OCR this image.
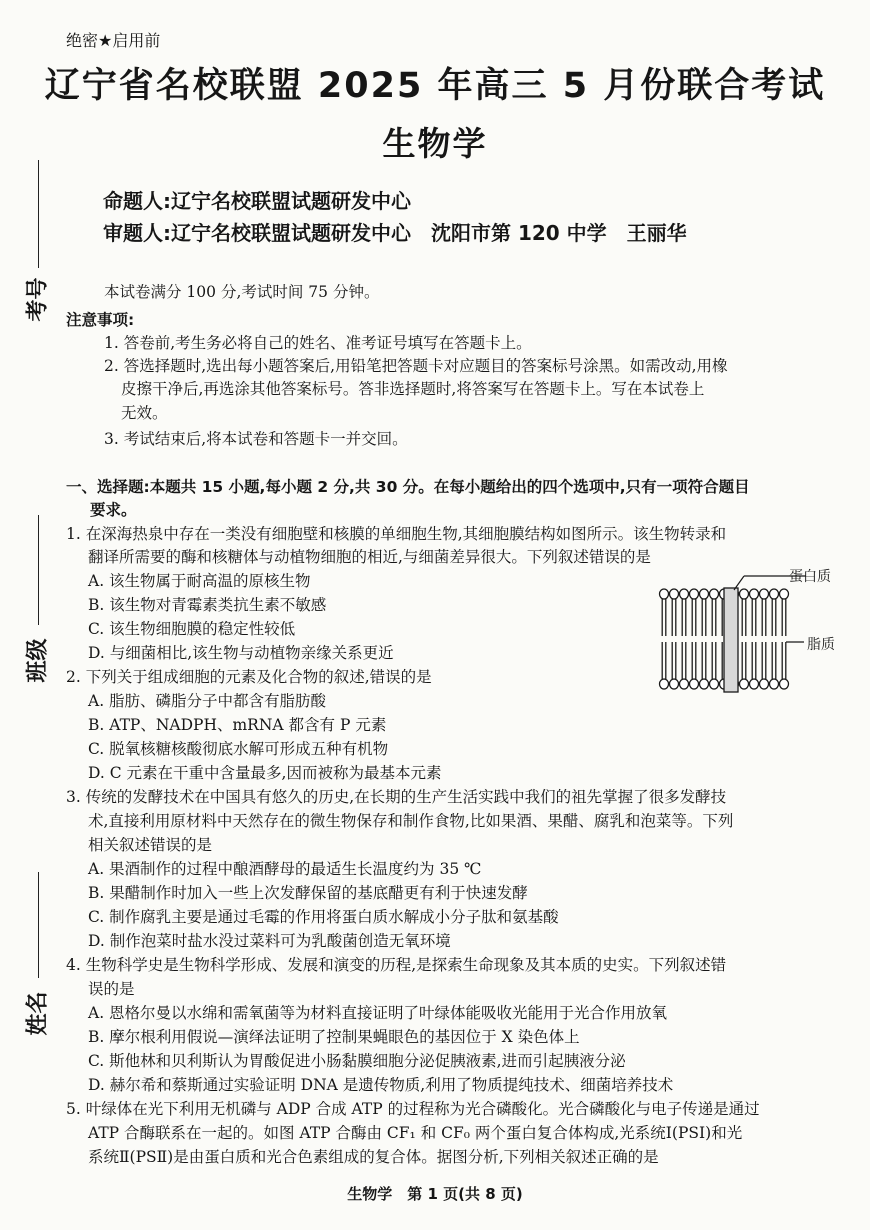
绝密★启用前
辽宁省名校联盟 2025 年高三 5 月份联合考试
生物学
命题人:辽宁名校联盟试题研发中心
审题人:辽宁名校联盟试题研发中心　沈阳市第 120 中学　王丽华
考号
班级
姓名
本试卷满分 100 分,考试时间 75 分钟。
注意事项:
1. 答卷前,考生务必将自己的姓名、准考证号填写在答题卡上。
2. 答选择题时,选出每小题答案后,用铅笔把答题卡对应题目的答案标号涂黑。如需改动,用橡
皮擦干净后,再选涂其他答案标号。答非选择题时,将答案写在答题卡上。写在本试卷上
无效。
3. 考试结束后,将本试卷和答题卡一并交回。
一、选择题:本题共 15 小题,每小题 2 分,共 30 分。在每小题给出的四个选项中,只有一项符合题目
要求。
1. 在深海热泉中存在一类没有细胞壁和核膜的单细胞生物,其细胞膜结构如图所示。该生物转录和
翻译所需要的酶和核糖体与动植物细胞的相近,与细菌差异很大。下列叙述错误的是
A. 该生物属于耐高温的原核生物
B. 该生物对青霉素类抗生素不敏感
C. 该生物细胞膜的稳定性较低
D. 与细菌相比,该生物与动植物亲缘关系更近
蛋白质
脂质
2. 下列关于组成细胞的元素及化合物的叙述,错误的是
A. 脂肪、磷脂分子中都含有脂肪酸
B. ATP、NADPH、mRNA 都含有 P 元素
C. 脱氧核糖核酸彻底水解可形成五种有机物
D. C 元素在干重中含量最多,因而被称为最基本元素
3. 传统的发酵技术在中国具有悠久的历史,在长期的生产生活实践中我们的祖先掌握了很多发酵技
术,直接利用原材料中天然存在的微生物保存和制作食物,比如果酒、果醋、腐乳和泡菜等。下列
相关叙述错误的是
A. 果酒制作的过程中酿酒酵母的最适生长温度约为 35 ℃
B. 果醋制作时加入一些上次发酵保留的基底醋更有利于快速发酵
C. 制作腐乳主要是通过毛霉的作用将蛋白质水解成小分子肽和氨基酸
D. 制作泡菜时盐水没过菜料可为乳酸菌创造无氧环境
4. 生物科学史是生物科学形成、发展和演变的历程,是探索生命现象及其本质的史实。下列叙述错
误的是
A. 恩格尔曼以水绵和需氧菌等为材料直接证明了叶绿体能吸收光能用于光合作用放氧
B. 摩尔根利用假说—演绎法证明了控制果蝇眼色的基因位于 X 染色体上
C. 斯他林和贝利斯认为胃酸促进小肠黏膜细胞分泌促胰液素,进而引起胰液分泌
D. 赫尔希和蔡斯通过实验证明 DNA 是遗传物质,利用了物质提纯技术、细菌培养技术
5. 叶绿体在光下利用无机磷与 ADP 合成 ATP 的过程称为光合磷酸化。光合磷酸化与电子传递是通过
ATP 合酶联系在一起的。如图 ATP 合酶由 CF₁ 和 CF₀ 两个蛋白复合体构成,光系统Ⅰ(PSⅠ)和光
系统Ⅱ(PSⅡ)是由蛋白质和光合色素组成的复合体。据图分析,下列相关叙述正确的是
生物学　第 1 页(共 8 页)
